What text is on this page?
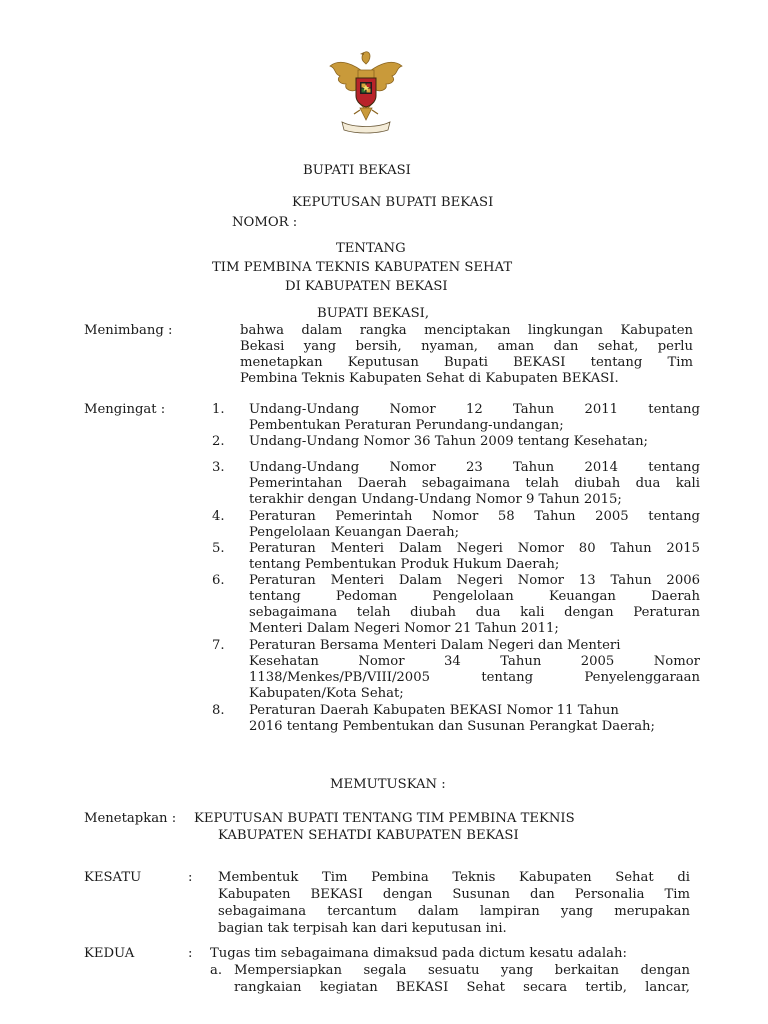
BUPATI BEKASI
KEPUTUSAN BUPATI BEKASI
NOMOR :
TENTANG
TIM PEMBINA TEKNIS KABUPATEN SEHAT
DI KABUPATEN BEKASI
BUPATI BEKASI,
Menimbang :	bahwa dalam rangka menciptakan lingkungan Kabupaten
Bekasi yang bersih, nyaman, aman dan sehat, perlu
menetapkan Keputusan Bupati BEKASI tentang Tim
Pembina Teknis Kabupaten Sehat di Kabupaten BEKASI.
Mengingat :	1. Undang-Undang Nomor 12 Tahun 2011 tentang
Pembentukan Peraturan Perundang-undangan;
2. Undang-Undang Nomor 36 Tahun 2009 tentang Kesehatan;
3. Undang-Undang Nomor 23 Tahun 2014 tentang
Pemerintahan Daerah sebagaimana telah diubah dua kali
terakhir dengan Undang-Undang Nomor 9 Tahun 2015;
4. Peraturan Pemerintah Nomor 58 Tahun 2005 tentang
Pengelolaan Keuangan Daerah;
5. Peraturan Menteri Dalam Negeri Nomor 80 Tahun 2015
tentang Pembentukan Produk Hukum Daerah;
6. Peraturan Menteri Dalam Negeri Nomor 13 Tahun 2006
tentang Pedoman Pengelolaan Keuangan Daerah
sebagaimana telah diubah dua kali dengan Peraturan
Menteri Dalam Negeri Nomor 21 Tahun 2011;
7. Peraturan Bersama Menteri Dalam Negeri dan Menteri
Kesehatan Nomor 34 Tahun 2005 Nomor
1138/Menkes/PB/VIII/2005 tentang Penyelenggaraan
Kabupaten/Kota Sehat;
8. Peraturan Daerah Kabupaten BEKASI Nomor 11 Tahun
2016 tentang Pembentukan dan Susunan Perangkat Daerah;
MEMUTUSKAN :
Menetapkan : KEPUTUSAN BUPATI TENTANG TIM PEMBINA TEKNIS
KABUPATEN SEHATDI KABUPATEN BEKASI
KESATU	: Membentuk Tim Pembina Teknis Kabupaten Sehat di
Kabupaten BEKASI dengan Susunan dan Personalia Tim
sebagaimana tercantum dalam lampiran yang merupakan
bagian tak terpisah kan dari keputusan ini.
KEDUA	: Tugas tim sebagaimana dimaksud pada dictum kesatu adalah:
a. Mempersiapkan segala sesuatu yang berkaitan dengan
rangkaian kegiatan BEKASI Sehat secara tertib, lancar,
